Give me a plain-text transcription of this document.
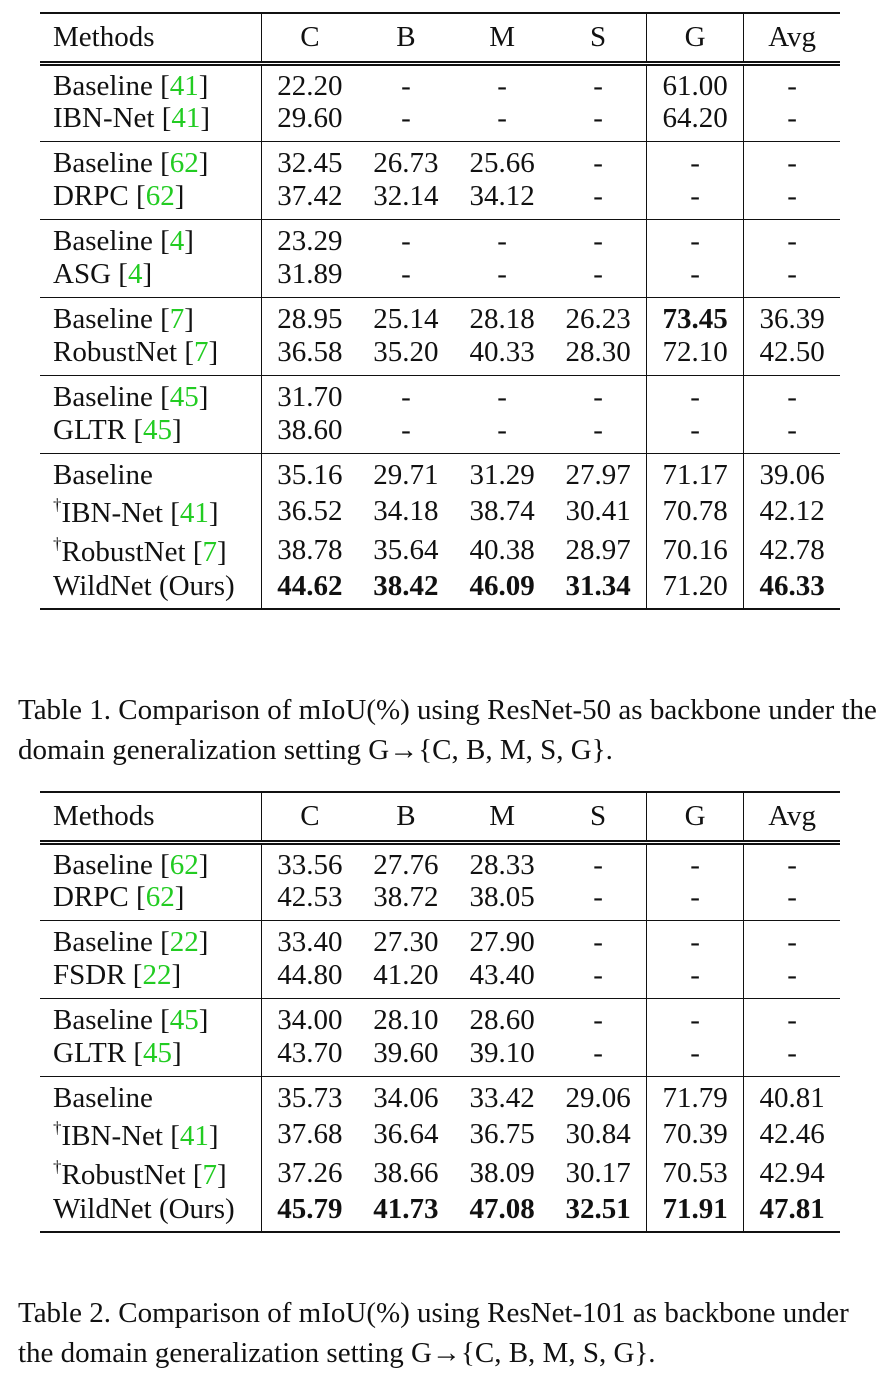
Methods	C	B	M	S	G	Avg
Baseline [41]	22.20	-	-	-	61.00	-
IBN-Net [41]	29.60	-	-	-	64.20	-
Baseline [62]	32.45	26.73	25.66	-	-	-
DRPC [62]	37.42	32.14	34.12	-	-	-
Baseline [4]	23.29	-	-	-	-	-
ASG [4]	31.89	-	-	-	-	-
Baseline [7]	28.95	25.14	28.18	26.23	73.45	36.39
RobustNet [7]	36.58	35.20	40.33	28.30	72.10	42.50
Baseline [45]	31.70	-	-	-	-	-
GLTR [45]	38.60	-	-	-	-	-
Baseline	35.16	29.71	31.29	27.97	71.17	39.06
†IBN-Net [41]	36.52	34.18	38.74	30.41	70.78	42.12
†RobustNet [7]	38.78	35.64	40.38	28.97	70.16	42.78
WildNet (Ours)	44.62	38.42	46.09	31.34	71.20	46.33
Table 1. Comparison of mIoU(%) using ResNet-50 as backbone under the domain generalization setting G→{C, B, M, S, G}.
Methods	C	B	M	S	G	Avg
Baseline [62]	33.56	27.76	28.33	-	-	-
DRPC [62]	42.53	38.72	38.05	-	-	-
Baseline [22]	33.40	27.30	27.90	-	-	-
FSDR [22]	44.80	41.20	43.40	-	-	-
Baseline [45]	34.00	28.10	28.60	-	-	-
GLTR [45]	43.70	39.60	39.10	-	-	-
Baseline	35.73	34.06	33.42	29.06	71.79	40.81
†IBN-Net [41]	37.68	36.64	36.75	30.84	70.39	42.46
†RobustNet [7]	37.26	38.66	38.09	30.17	70.53	42.94
WildNet (Ours)	45.79	41.73	47.08	32.51	71.91	47.81
Table 2. Comparison of mIoU(%) using ResNet-101 as backbone under the domain generalization setting G→{C, B, M, S, G}.
